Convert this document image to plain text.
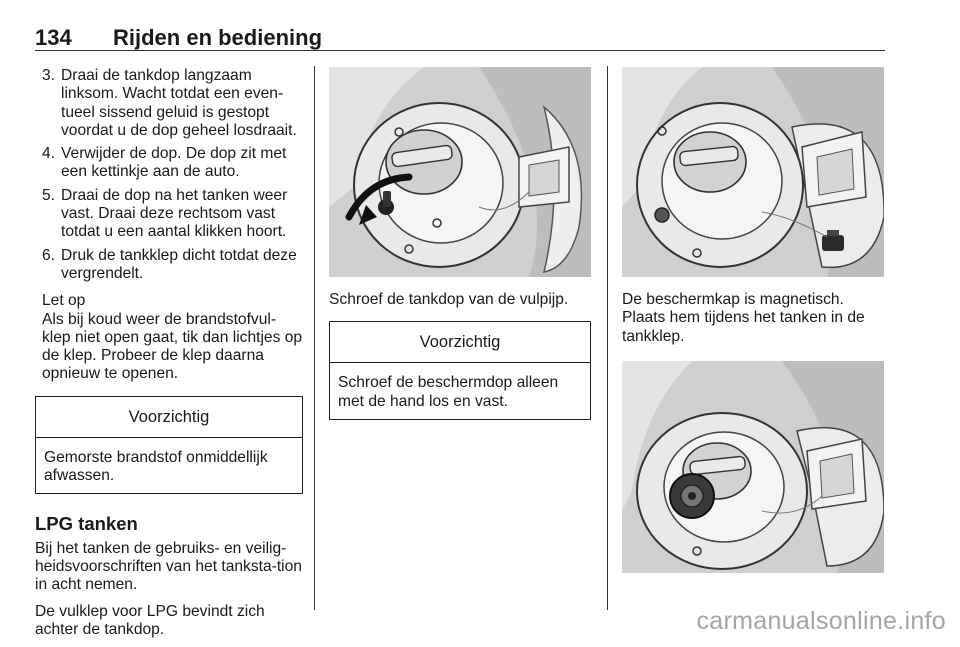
134 Rijden en bediening
3. Draai de tankdop langzaam linksom. Wacht totdat een even-tueel sissend geluid is gestopt voordat u de dop geheel losdraait.
4. Verwijder de dop. De dop zit met een kettinkje aan de auto.
5. Draai de dop na het tanken weer vast. Draai deze rechtsom vast totdat u een aantal klikken hoort.
6. Druk de tankklep dicht totdat deze vergrendelt.
Let op
Als bij koud weer de brandstofvul-klep niet open gaat, tik dan lichtjes op de klep. Probeer de klep daarna opnieuw te openen.
Voorzichtig
Gemorste brandstof onmiddellijk afwassen.
LPG tanken
Bij het tanken de gebruiks- en veilig-heidsvoorschriften van het tanksta-tion in acht nemen.
De vulklep voor LPG bevindt zich achter de tankdop.
Schroef de tankdop van de vulpijp.
Voorzichtig
Schroef de beschermdop alleen met de hand los en vast.
De beschermkap is magnetisch. Plaats hem tijdens het tanken in de tankklep.
carmanualsonline.info
